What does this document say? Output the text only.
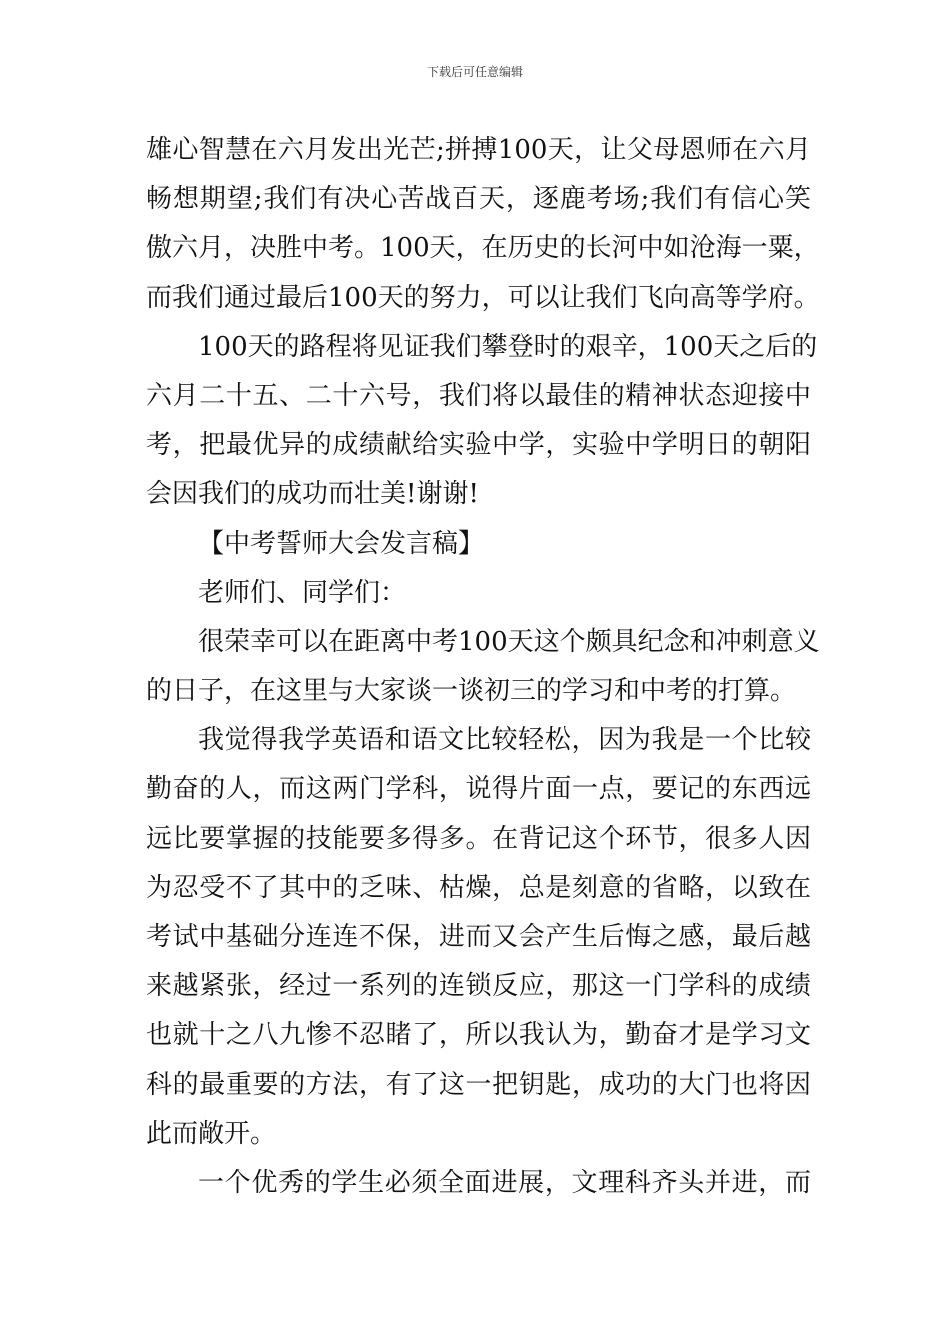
下载后可任意编辑
雄心智慧在六月发出光芒;拼搏100天，让父母恩师在六月
畅想期望;我们有决心苦战百天，逐鹿考场;我们有信心笑
傲六月，决胜中考。100天，在历史的长河中如沧海一粟，
而我们通过最后100天的努力，可以让我们飞向高等学府。
100天的路程将见证我们攀登时的艰辛，100天之后的
六月二十五、二十六号，我们将以最佳的精神状态迎接中
考，把最优异的成绩献给实验中学，实验中学明日的朝阳
会因我们的成功而壮美!谢谢!
【中考誓师大会发言稿】
老师们、同学们：
很荣幸可以在距离中考100天这个颇具纪念和冲刺意义
的日子，在这里与大家谈一谈初三的学习和中考的打算。
我觉得我学英语和语文比较轻松，因为我是一个比较
勤奋的人，而这两门学科，说得片面一点，要记的东西远
远比要掌握的技能要多得多。在背记这个环节，很多人因
为忍受不了其中的乏味、枯燥，总是刻意的省略，以致在
考试中基础分连连不保，进而又会产生后悔之感，最后越
来越紧张，经过一系列的连锁反应，那这一门学科的成绩
也就十之八九惨不忍睹了，所以我认为，勤奋才是学习文
科的最重要的方法，有了这一把钥匙，成功的大门也将因
此而敞开。
一个优秀的学生必须全面进展，文理科齐头并进，而
